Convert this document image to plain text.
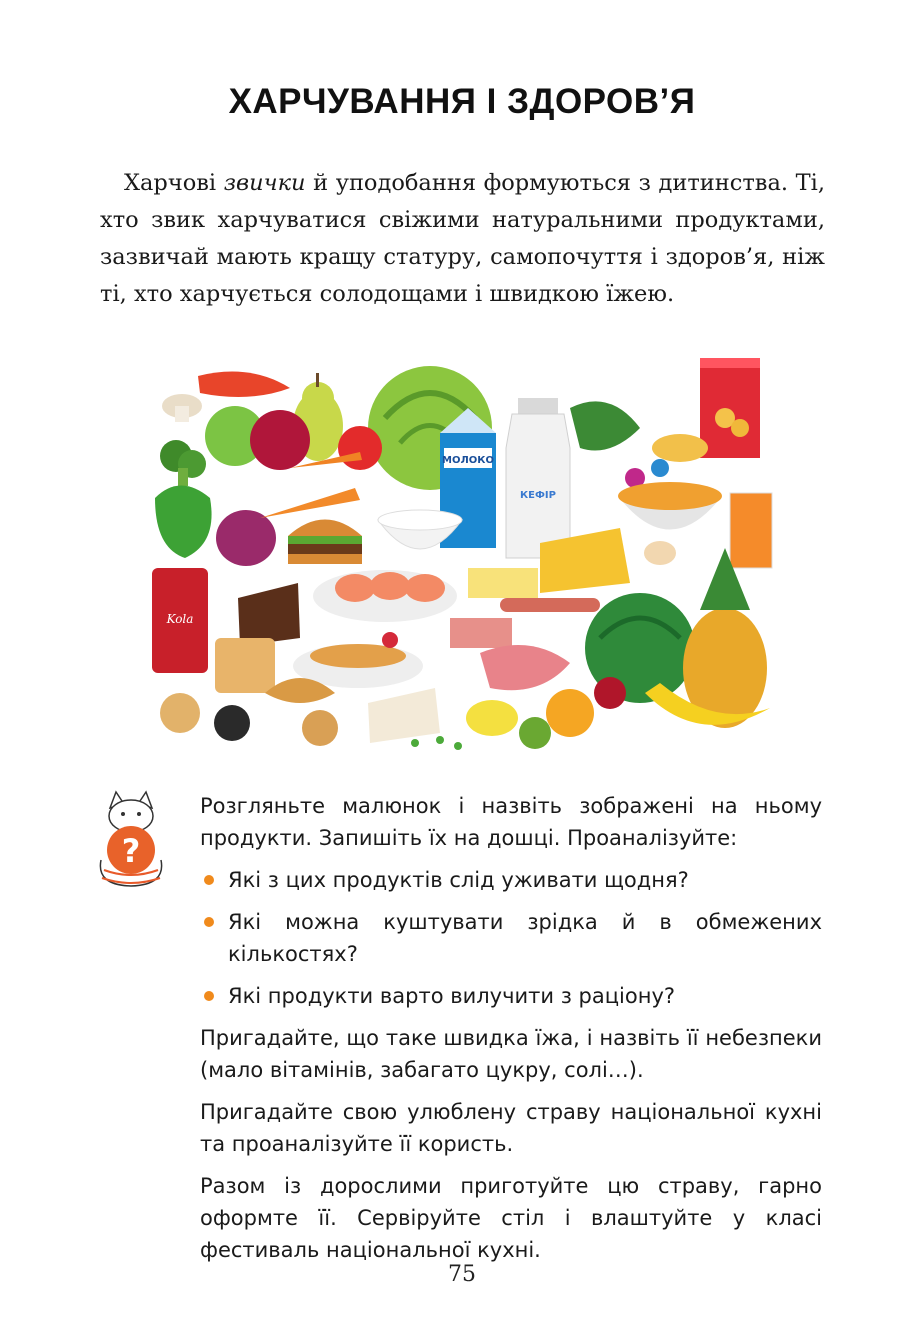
ХАРЧУВАННЯ І ЗДОРОВ’Я

Харчові звички й уподобання формуються з дитинства. Ті, хто звик харчуватися свіжими натуральними продуктами, зазвичай мають кращу статуру, самопочуття і здоров’я, ніж ті, хто харчується солодощами і швидкою їжею.

МОЛОКО
КЕФІР
Kola
?

Розгляньте малюнок і назвіть зображені на ньому продукти. Запишіть їх на дошці. Проаналізуйте:

Які з цих продуктів слід уживати щодня?
Які можна куштувати зрідка й в обмежених кількостях?
Які продукти варто вилучити з раціону?

Пригадайте, що таке швидка їжа, і назвіть її небезпеки (мало вітамінів, забагато цукру, солі…).

Пригадайте свою улюблену страву національної кухні та проаналізуйте її користь.

Разом із дорослими приготуйте цю страву, гарно оформте її. Сервіруйте стіл і влаштуйте у класі фестиваль національної кухні.

75
